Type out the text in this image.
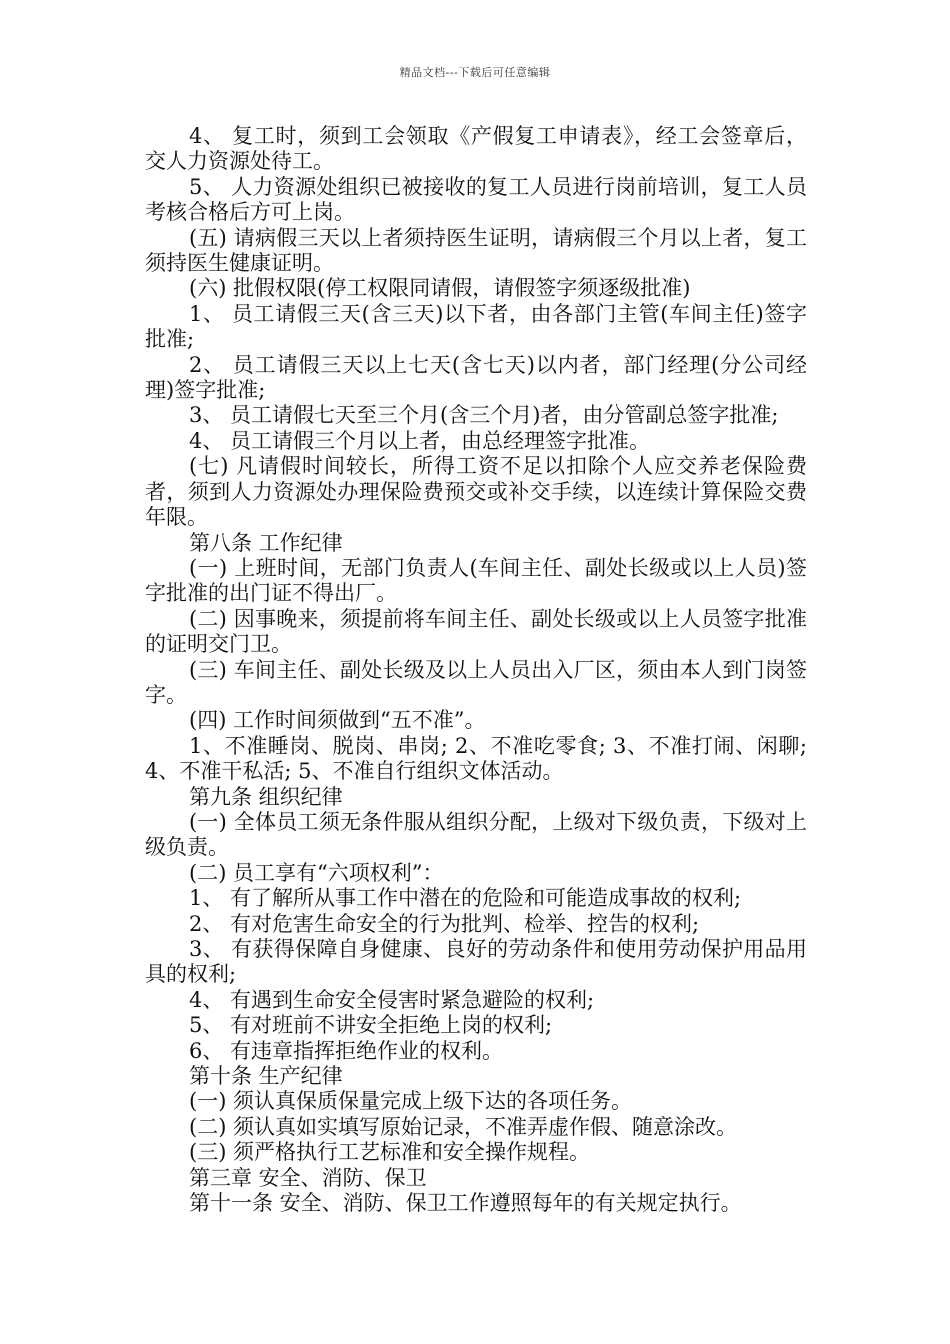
精品文档---下载后可任意编辑

4、 复工时，须到工会领取《产假复工申请表》，经工会签章后，交人力资源处待工。

5、 人力资源处组织已被接收的复工人员进行岗前培训，复工人员考核合格后方可上岗。

(五) 请病假三天以上者须持医生证明，请病假三个月以上者，复工须持医生健康证明。

(六) 批假权限(停工权限同请假，请假签字须逐级批准)

1、 员工请假三天(含三天)以下者，由各部门主管(车间主任)签字批准;

2、 员工请假三天以上七天(含七天)以内者，部门经理(分公司经理)签字批准;

3、 员工请假七天至三个月(含三个月)者，由分管副总签字批准;

4、 员工请假三个月以上者，由总经理签字批准。

(七) 凡请假时间较长，所得工资不足以扣除个人应交养老保险费者，须到人力资源处办理保险费预交或补交手续，以连续计算保险交费年限。

第八条 工作纪律

(一) 上班时间，无部门负责人(车间主任、副处长级或以上人员)签字批准的出门证不得出厂。

(二) 因事晚来，须提前将车间主任、副处长级或以上人员签字批准的证明交门卫。

(三) 车间主任、副处长级及以上人员出入厂区，须由本人到门岗签字。

(四) 工作时间须做到“五不准”。

1、不准睡岗、脱岗、串岗; 2、不准吃零食; 3、不准打闹、闲聊;4、不准干私活; 5、不准自行组织文体活动。

第九条 组织纪律

(一) 全体员工须无条件服从组织分配，上级对下级负责，下级对上级负责。

(二) 员工享有“六项权利”：

1、 有了解所从事工作中潜在的危险和可能造成事故的权利;

2、 有对危害生命安全的行为批判、检举、控告的权利;

3、 有获得保障自身健康、良好的劳动条件和使用劳动保护用品用具的权利;

4、 有遇到生命安全侵害时紧急避险的权利;

5、 有对班前不讲安全拒绝上岗的权利;

6、 有违章指挥拒绝作业的权利。

第十条 生产纪律

(一) 须认真保质保量完成上级下达的各项任务。

(二) 须认真如实填写原始记录，不准弄虚作假、随意涂改。

(三) 须严格执行工艺标准和安全操作规程。

第三章 安全、消防、保卫

第十一条 安全、消防、保卫工作遵照每年的有关规定执行。
